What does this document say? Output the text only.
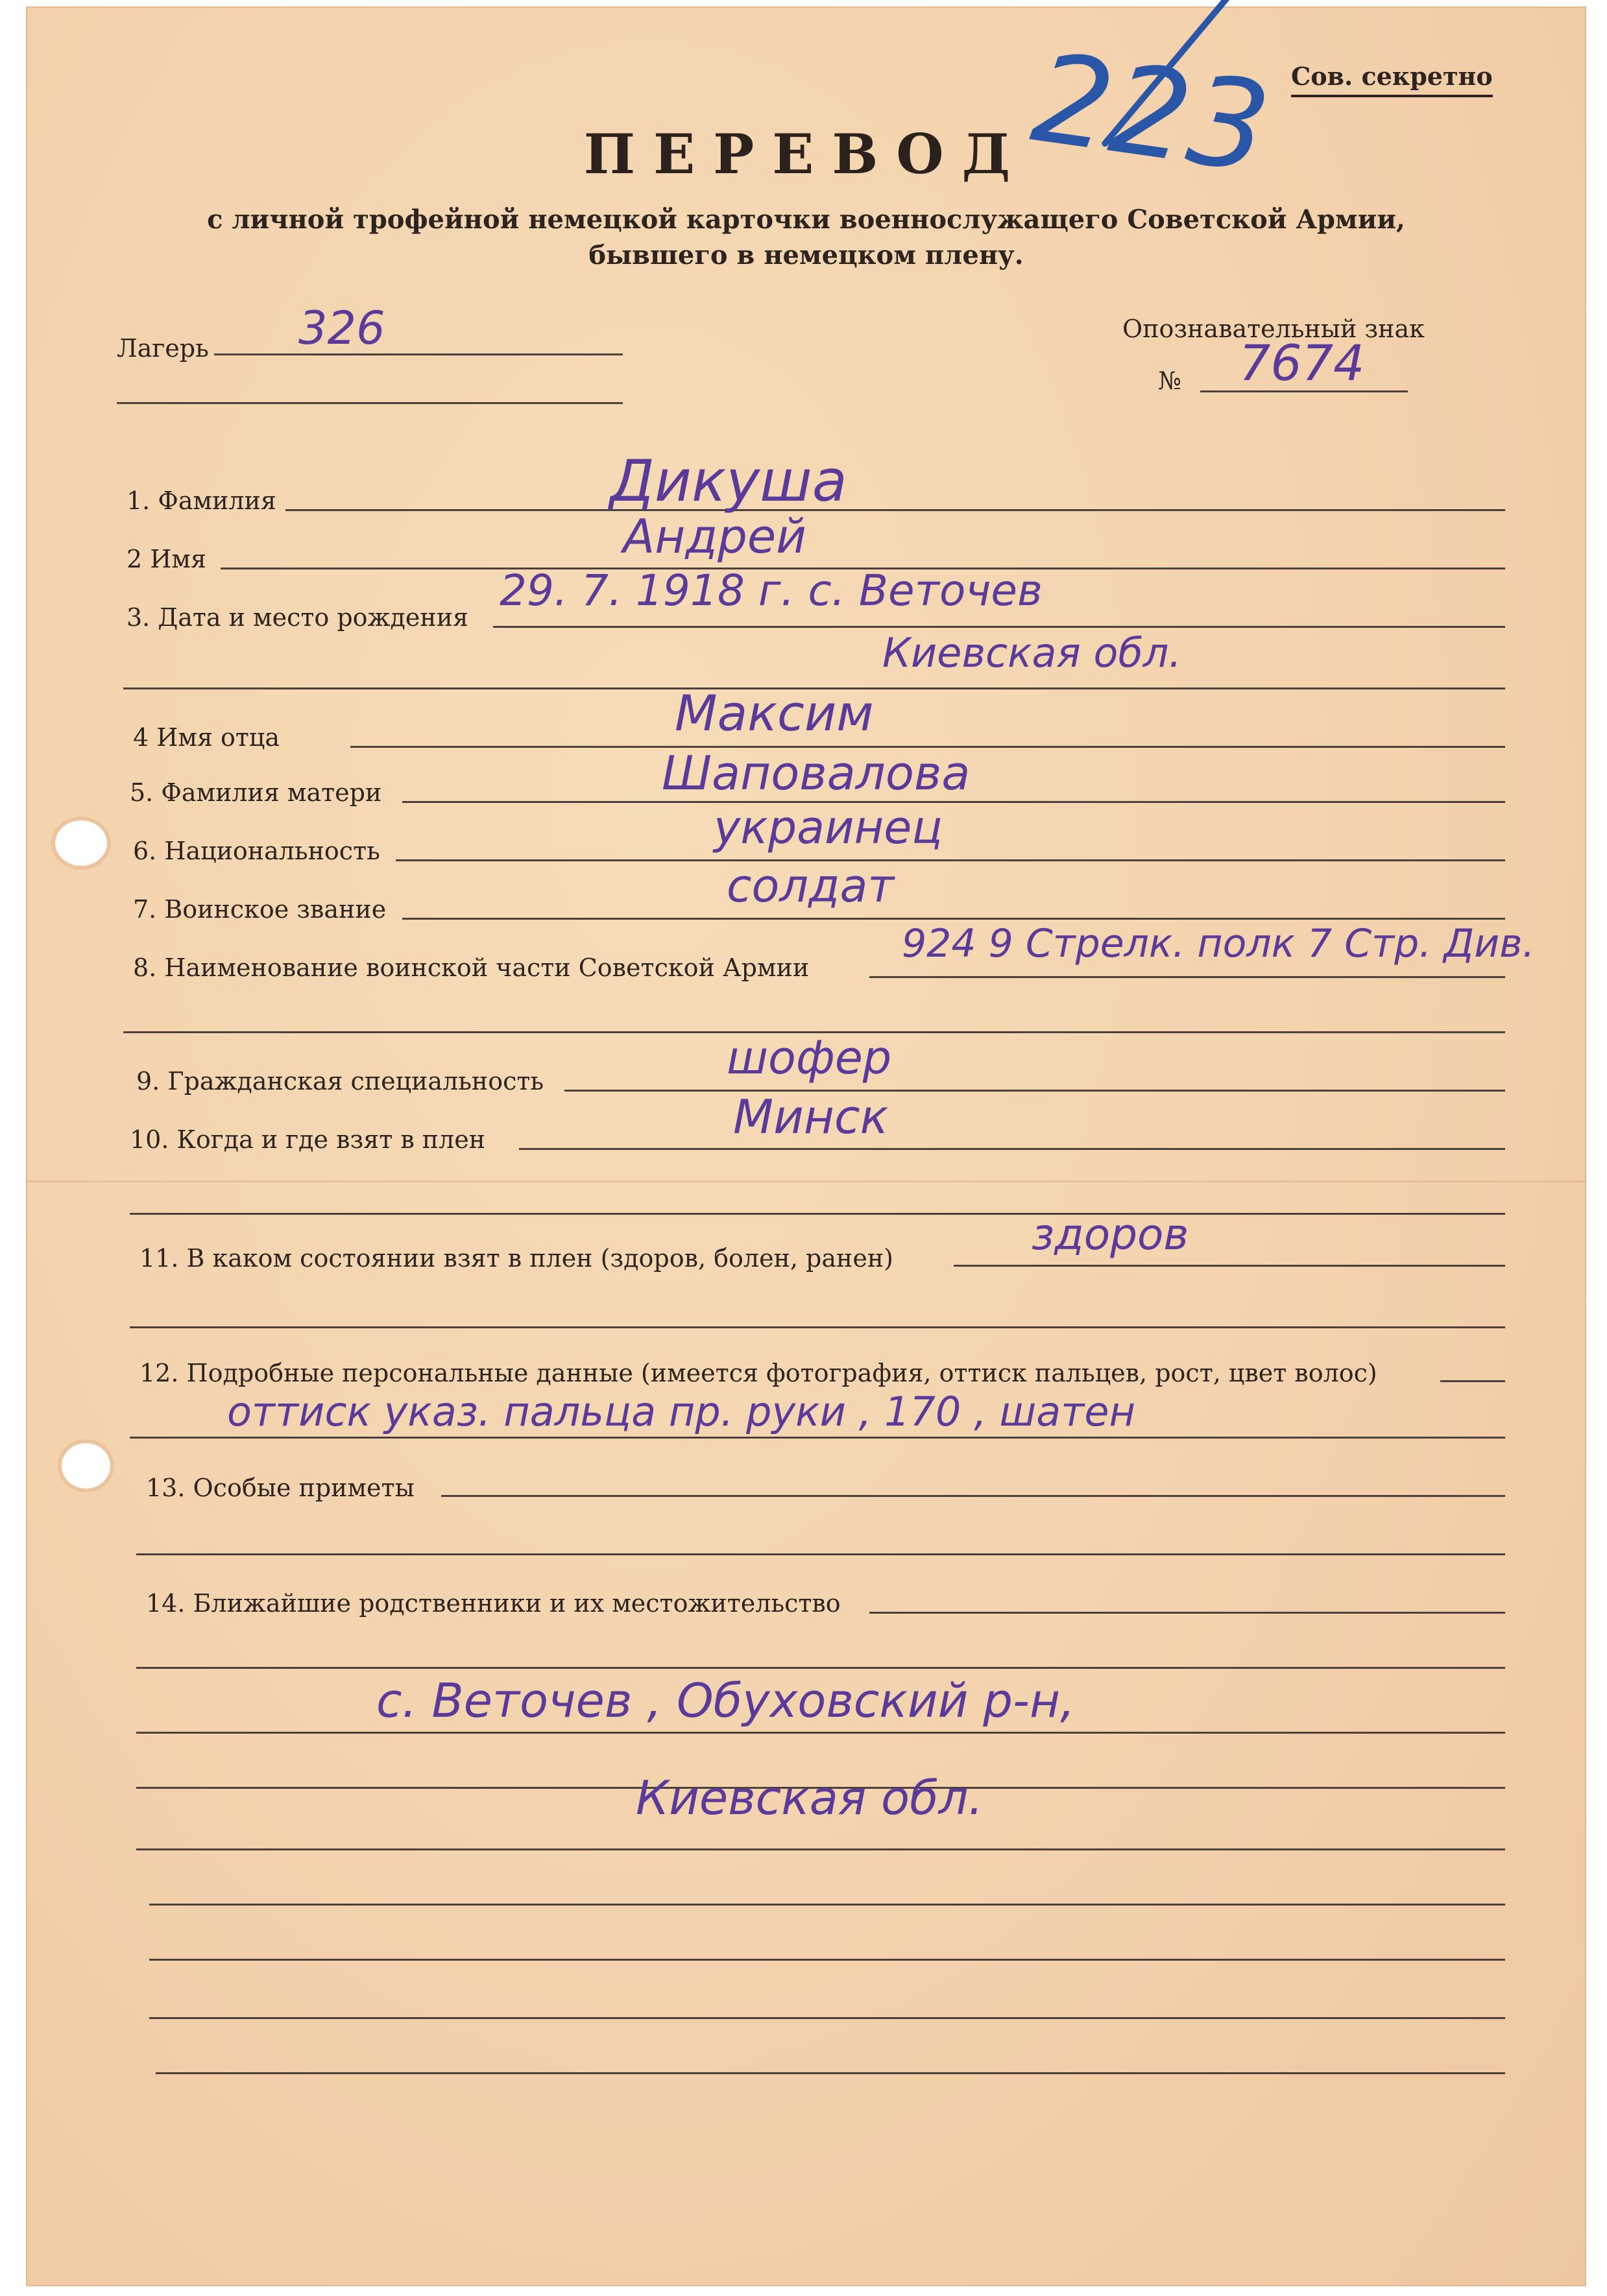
Сов. секретно
223
ПЕРЕВОД
с личной трофейной немецкой карточки военнослужащего Советской Армии,
бывшего в немецком плену.
Лагерь 326	Опознавательный знак
№ 7674
1. Фамилия	Дикуша
2 Имя	Андрей
3. Дата и место рождения
29. 7. 1918 г. с. Веточев
Киевская обл.
4 Имя отца	Максим
5. Фамилия матери	Шаповалова
6. Национальность	украинец
7. Воинское звание	солдат
8. Наименование воинской части Советской Армии
924 9 Стрелк. полк 7 Стр. Див.
9. Гражданская специальность	шофер
10. Когда и где взят в плен	Минск
11. В каком состоянии взят в плен (здоров, болен, ранен)	здоров
12. Подробные персональные данные (имеется фотография, оттиск пальцев, рост, цвет волос)
оттиск указ. пальца пр. руки , 170 , шатен
13. Особые приметы
14. Ближайшие родственники и их местожительство
с. Веточев , Обуховский р-н,
Киевская обл.
